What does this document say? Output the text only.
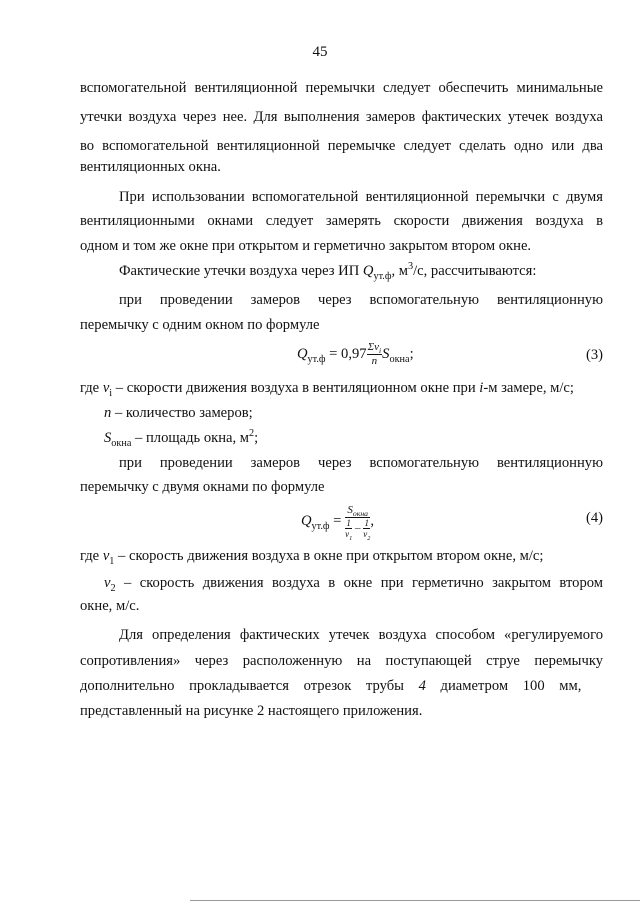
45
вспомогательной вентиляционной перемычки следует обеспечить минимальные
утечки воздуха через нее. Для выполнения замеров фактических утечек воздуха
во вспомогательной вентиляционной перемычке следует сделать одно или два
вентиляционных окна.
При использовании вспомогательной вентиляционной перемычки с двумя
вентиляционными окнами следует замерять скорости движения воздуха в
одном и том же окне при открытом и герметично закрытом втором окне.
Фактические утечки воздуха через ИП $Q_{ут.ф}$, $м^3/с$, рассчитываются:
при проведении замеров через вспомогательную вентиляционную
перемычку с одним окном по формуле
$Q_{ут.ф} = 0,97 \frac{\Sigma v_i}{n} S_{окна}$;	(3)
где $v_i$ – скорости движения воздуха в вентиляционном окне при i-м замере, м/с;
n – количество замеров;
$S_{окна}$ – площадь окна, $м^2$;
при проведении замеров через вспомогательную вентиляционную
перемычку с двумя окнами по формуле
$Q_{ут.ф}$ =
$S_{окна}$
$\frac{1}{v_1} - \frac{1}{v_2}$ ,	(4)
где $v_1$ – скорость движения воздуха в окне при открытом втором окне, м/с;
$v_2$ – скорость движения воздуха в окне при герметично закрытом втором
окне, м/с.
Для определения фактических утечек воздуха способом «регулируемого
сопротивления» через расположенную на поступающей струе перемычку
дополнительно прокладывается отрезок трубы 4 диаметром 100 мм,
представленный на рисунке 2 настоящего приложения.
